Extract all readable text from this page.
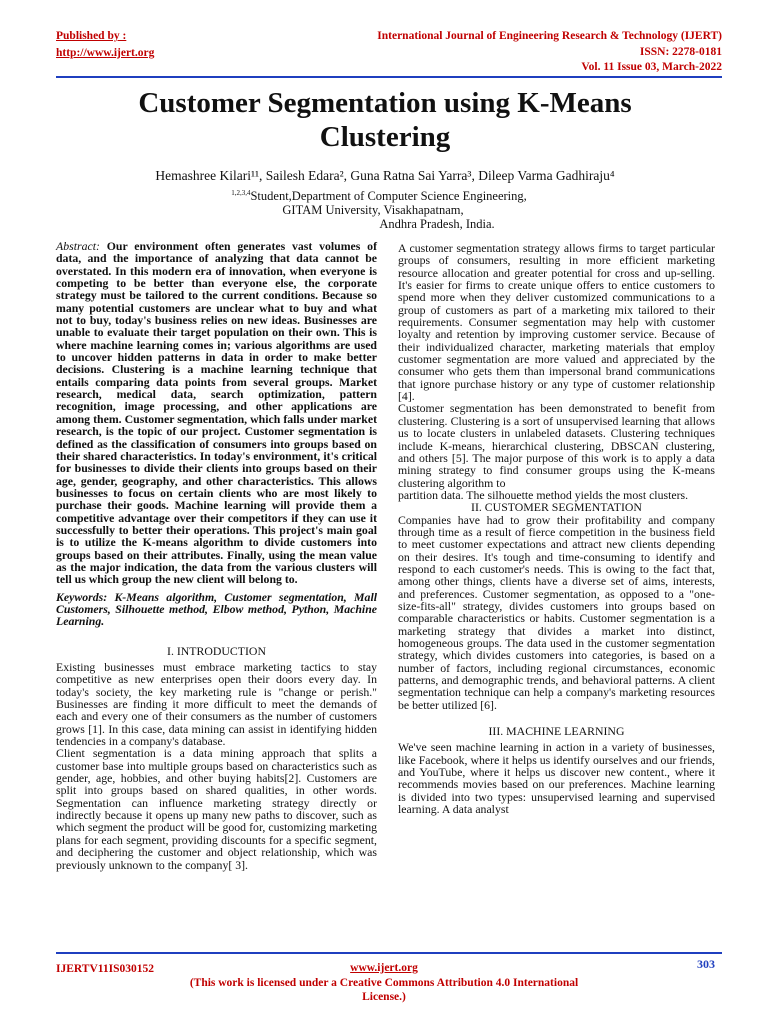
Published by :
http://www.ijert.org
International Journal of Engineering Research & Technology (IJERT)
ISSN: 2278-0181
Vol. 11 Issue 03, March-2022
Customer Segmentation using K-Means
Clustering
Hemashree Kilari¹¹, Sailesh Edara², Guna Ratna Sai Yarra³, Dileep Varma Gadhiraju⁴
$^{1,2,3,4}$Student,Department of Computer Science Engineering,
GITAM University, Visakhapatnam,
Andhra Pradesh, India.

Abstract: Our environment often generates vast volumes of data, and the importance of analyzing that data cannot be overstated. In this modern era of innovation, when everyone is competing to be better than everyone else, the corporate strategy must be tailored to the current conditions. Because so many potential customers are unclear what to buy and what not to buy, today's business relies on new ideas. Businesses are unable to evaluate their target population on their own. This is where machine learning comes in; various algorithms are used to uncover hidden patterns in data in order to make better decisions. Clustering is a machine learning technique that entails comparing data points from several groups. Market research, medical data, search optimization, pattern recognition, image processing, and other applications are among them. Customer segmentation, which falls under market research, is the topic of our project. Customer segmentation is defined as the classification of consumers into groups based on their shared characteristics. In today's environment, it's critical for businesses to divide their clients into groups based on their age, gender, geography, and other characteristics. This allows businesses to focus on certain clients who are most likely to purchase their goods. Machine learning will provide them a competitive advantage over their competitors if they can use it successfully to better their operations. This project's main goal is to utilize the K-means algorithm to divide customers into groups based on their attributes. Finally, using the mean value as the major indication, the data from the various clusters will tell us which group the new client will belong to.

Keywords: K-Means algorithm, Customer segmentation, Mall Customers, Silhouette method, Elbow method, Python, Machine Learning.

I. INTRODUCTION

Existing businesses must embrace marketing tactics to stay competitive as new enterprises open their doors every day. In today's society, the key marketing rule is "change or perish." Businesses are finding it more difficult to meet the demands of each and every one of their consumers as the number of customers grows [1]. In this case, data mining can assist in identifying hidden tendencies in a company's database.

Client segmentation is a data mining approach that splits a customer base into multiple groups based on characteristics such as gender, age, hobbies, and other buying habits[2]. Customers are split into groups based on shared qualities, in other words. Segmentation can influence marketing strategy directly or indirectly because it opens up many new paths to discover, such as which segment the product will be good for, customizing marketing plans for each segment, providing discounts for a specific segment, and deciphering the customer and object relationship, which was previously unknown to the company[ 3].

A customer segmentation strategy allows firms to target particular groups of consumers, resulting in more efficient marketing resource allocation and greater potential for cross and up-selling. It's easier for firms to create unique offers to entice customers to spend more when they deliver customized communications to a group of customers as part of a marketing mix tailored to their requirements. Consumer segmentation may help with customer loyalty and retention by improving customer service. Because of their individualized character, marketing materials that employ customer segmentation are more valued and appreciated by the consumer who gets them than impersonal brand communications that ignore purchase history or any type of customer relationship [4].

Customer segmentation has been demonstrated to benefit from clustering. Clustering is a sort of unsupervised learning that allows us to locate clusters in unlabeled datasets. Clustering techniques include K-means, hierarchical clustering, DBSCAN clustering, and others [5]. The major purpose of this work is to apply a data mining strategy to find consumer groups using the K-means clustering algorithm to

partition data. The silhouette method yields the most clusters.

II. CUSTOMER SEGMENTATION

Companies have had to grow their profitability and company through time as a result of fierce competition in the business field to meet customer expectations and attract new clients depending on their desires. It's tough and time-consuming to identify and respond to each customer's needs. This is owing to the fact that, among other things, clients have a diverse set of aims, interests, and preferences. Customer segmentation, as opposed to a "one-size-fits-all" strategy, divides customers into groups based on comparable characteristics or habits. Customer segmentation is a marketing strategy that divides a market into distinct, homogeneous groups. The data used in the customer segmentation strategy, which divides customers into categories, is based on a number of factors, including regional circumstances, economic patterns, and demographic trends, and behavioral patterns. A client segmentation technique can help a company's marketing resources be better utilized [6].

III. MACHINE LEARNING

We've seen machine learning in action in a variety of businesses, like Facebook, where it helps us identify ourselves and our friends, and YouTube, where it helps us discover new content., where it recommends movies based on our preferences. Machine learning is divided into two types: unsupervised learning and supervised learning. A data analyst

IJERTV11IS030152	www.ijert.org
(This work is licensed under a Creative Commons Attribution 4.0 International
License.)
303
